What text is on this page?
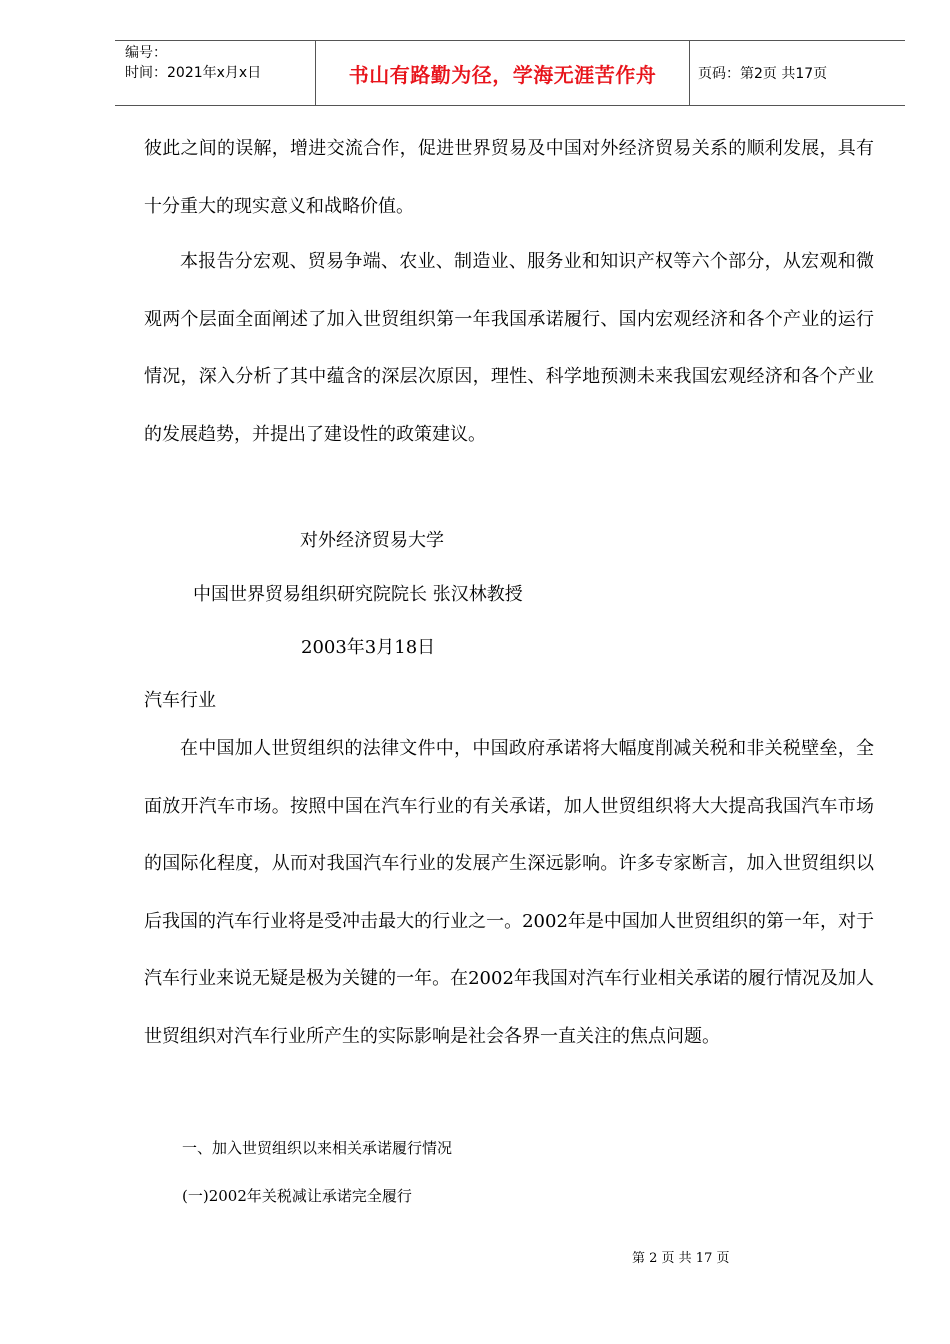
编号：
时间：2021年x月x日	书山有路勤为径，学海无涯苦作舟	页码：第2页 共17页

彼此之间的误解，增进交流合作，促进世界贸易及中国对外经济贸易关系的顺利发展，具有十分重大的现实意义和战略价值。

本报告分宏观、贸易争端、农业、制造业、服务业和知识产权等六个部分，从宏观和微观两个层面全面阐述了加入世贸组织第一年我国承诺履行、国内宏观经济和各个产业的运行情况，深入分析了其中蕴含的深层次原因，理性、科学地预测未来我国宏观经济和各个产业的发展趋势，并提出了建设性的政策建议。

对外经济贸易大学

中国世界贸易组织研究院院长 张汉林教授

2003年3月18日

汽车行业

在中国加人世贸组织的法律文件中，中国政府承诺将大幅度削减关税和非关税壁垒，全面放开汽车市场。按照中国在汽车行业的有关承诺，加人世贸组织将大大提高我国汽车市场的国际化程度，从而对我国汽车行业的发展产生深远影响。许多专家断言，加入世贸组织以后我国的汽车行业将是受冲击最大的行业之一。2002年是中国加人世贸组织的第一年，对于汽车行业来说无疑是极为关键的一年。在2002年我国对汽车行业相关承诺的履行情况及加人世贸组织对汽车行业所产生的实际影响是社会各界一直关注的焦点问题。

一、加入世贸组织以来相关承诺履行情况

(一)2002年关税减让承诺完全履行

第 2 页 共 17 页
